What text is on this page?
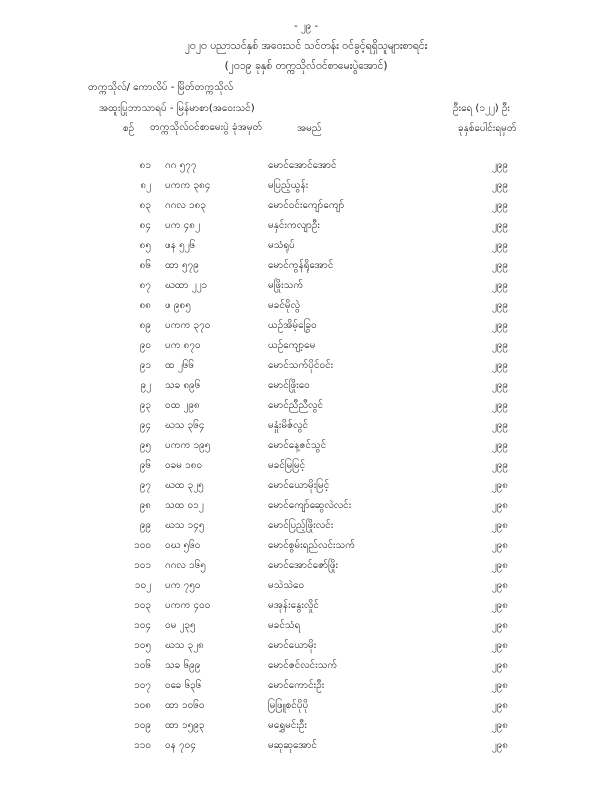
- ၂၉ -
၂၀၂၀ ပညာသင်နှစ် အဝေးသင် သင်တန်း ဝင်ခွင့်ရရှိသူများစာရင်း
(၂၀၁၉ ခုနှစ် တက္ကသိုလ်ဝင်စာမေးပွဲအောင်)
တက္ကသိုလ်/ ကောလိပ် - မြိတ်တက္ကသိုလ်
အထူးပြုဘာသာရပ် - မြန်မာစာ(အဝေးသင်)	ဦးရေ (၁၂၂) ဦး
စဉ် တက္ကသိုလ်ဝင်စာမေးပွဲ ခုံအမှတ်	အမည်	ခုနှစ်ပေါင်းရမှတ်
၈၁ ဂဂ ၅၇၇	မောင်အောင်အောင်	၂၉၉
၈၂ ပကက ၃၈၄	မပြည့်ယွန်း	၂၉၉
၈၃ ဂဂလ ၁၈၃	မောင်ဝင်းကျော်ကျော်	၂၉၉
၈၄ ပက ၄၈၂	မနှင်းကလျာဦး	၂၉၉
၈၅ ဖန ၅၂၆	မသံရုပ်	၂၉၉
၈၆ ထာ ၅၇၉	မောင်ကွန်ရိုအောင်	၂၉၉
၈၇ ဃထာ ၂၂၁	မဖြိုးသက်	၂၉၉
၈၈ ဖ ၉၈၅	မခင်မိုလွဲ	၂၉၉
၈၉ ပကက ၃၇၀	ယဉ်အိမ့်ခြွေဝ	၂၉၉
၉၀ ပက ၈၇၀	ယဉ်ကျော့မေ	၂၉၉
၉၁ ထ ၂၆၆	မောင်သက်ပိုင်ဝင်း	၂၉၉
၉၂ သခ ၈၉၆	မောင်ဖြိုးဝေ	၂၉၉
၉၃ ဝထ ၂၉၈	မောင်ညီညီလွင်	၂၉၉
၉၄ ဃသ ၃၆၄	မနှုံးမိဇ်လွင်	၂၉၉
၉၅ ပကက ၁၉၅	မောင်နေ့ဇင်သွင်	၂၉၉
၉၆ ဝခမ ၁၈၀	မခင်မြမြင့်	၂၉၉
၉၇ ဃထ ၃၂၅	မောင်ယောမိုးမြင့်	၂၉၈
၉၈ သထ ၀၁၂	မောင်ကျော်ဆွေလဲလင်း	၂၉၈
၉၉ ဃသ ၁၄၅	မောင်ပြည့်ဖြိုးလင်း	၂၉၈
၁၀၀ ဝဃ ၅၆၀	မောင်စွမ်းရည်လင်းသက်	၂၉၈
၁၀၁ ဂဂလ ၁၆၅	မောင်အောင်ဇော်ဖြိုး	၂၉၈
၁၀၂ ပက ၇၅၀	မသဲသဲဝေ	၂၉၈
၁၀၃ ပကက ၄၀၀	မအုန်းနွေးလှိုင်	၂၉၈
၁၀၄ ဝမ ၂၃၅	မခင်သံရ	၂၉၈
၁၀၅ ဃသ ၃၂၈	မောင်ယောမိုး	၂၉၈
၁၀၆ သခ ၆၉၉	မောင်ဇင်လင်းသက်	၂၉၈
၁၀၇ ဝခေ ၆၃၆	မောင်ကောင်းဦး	၂၉၈
၁၀၈ ထာ ၁၀၆၀	မြဖြူစင်ပိုပို	၂၉၈
၁၀၉ ထာ ၁၅၉၃	မရွှေမင်းဦး	၂၉၈
၁၁၀ ဝန ၇၀၄	မဆုဆုအောင်	၂၉၈
